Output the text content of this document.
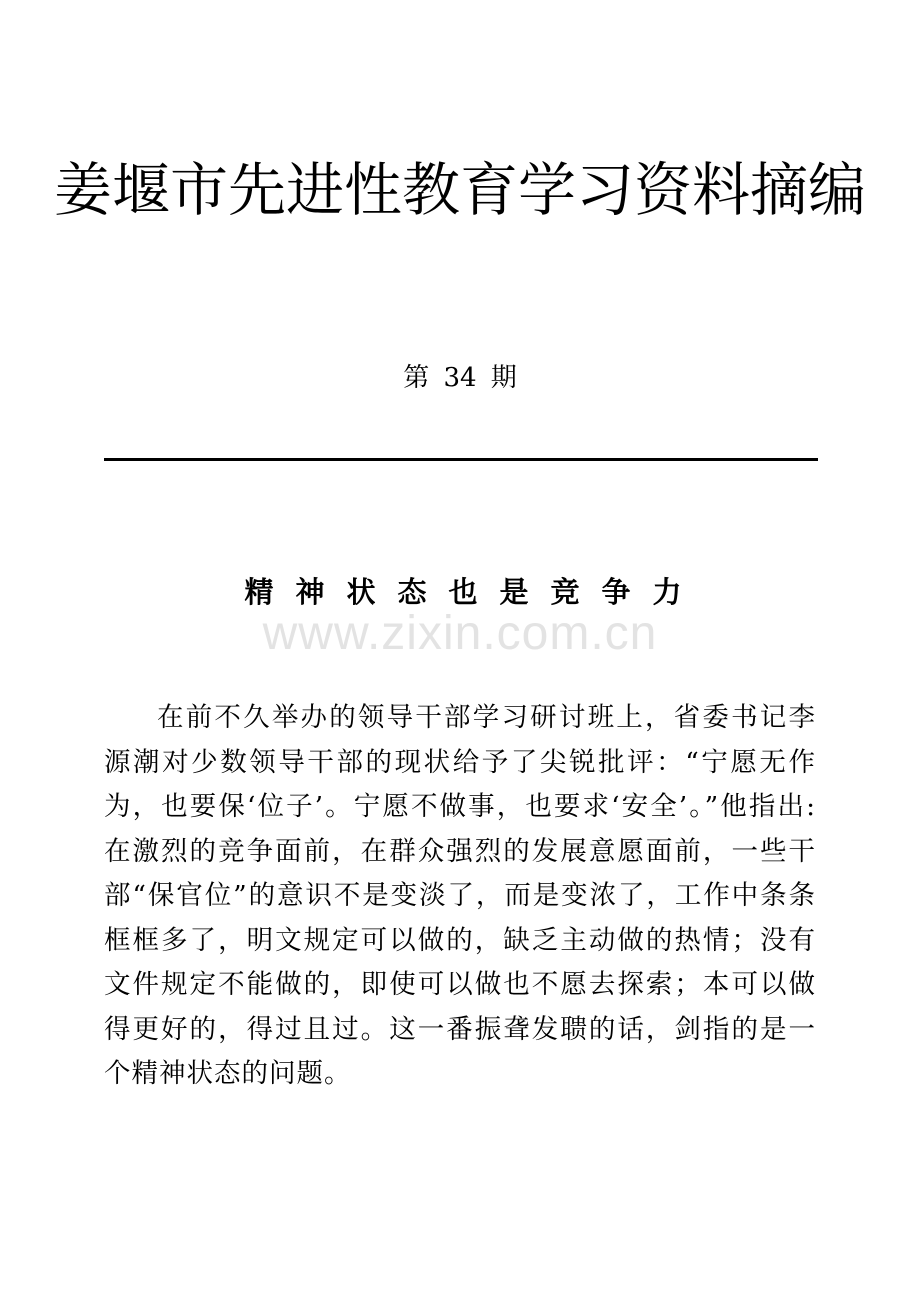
姜堰市先进性教育学习资料摘编
第 34 期
精神状态也是竞争力
www.zixin.com.cn
在前不久举办的领导干部学习研讨班上，省委书记李源潮对少数领导干部的现状给予了尖锐批评：“宁愿无作为，也要保‘位子’。宁愿不做事，也要求‘安全’。”他指出: 在激烈的竞争面前，在群众强烈的发展意愿面前，一些干部“保官位”的意识不是变淡了，而是变浓了，工作中条条框框多了，明文规定可以做的，缺乏主动做的热情；没有文件规定不能做的，即使可以做也不愿去探索；本可以做得更好的，得过且过。这一番振聋发聩的话，剑指的是一个精神状态的问题。
